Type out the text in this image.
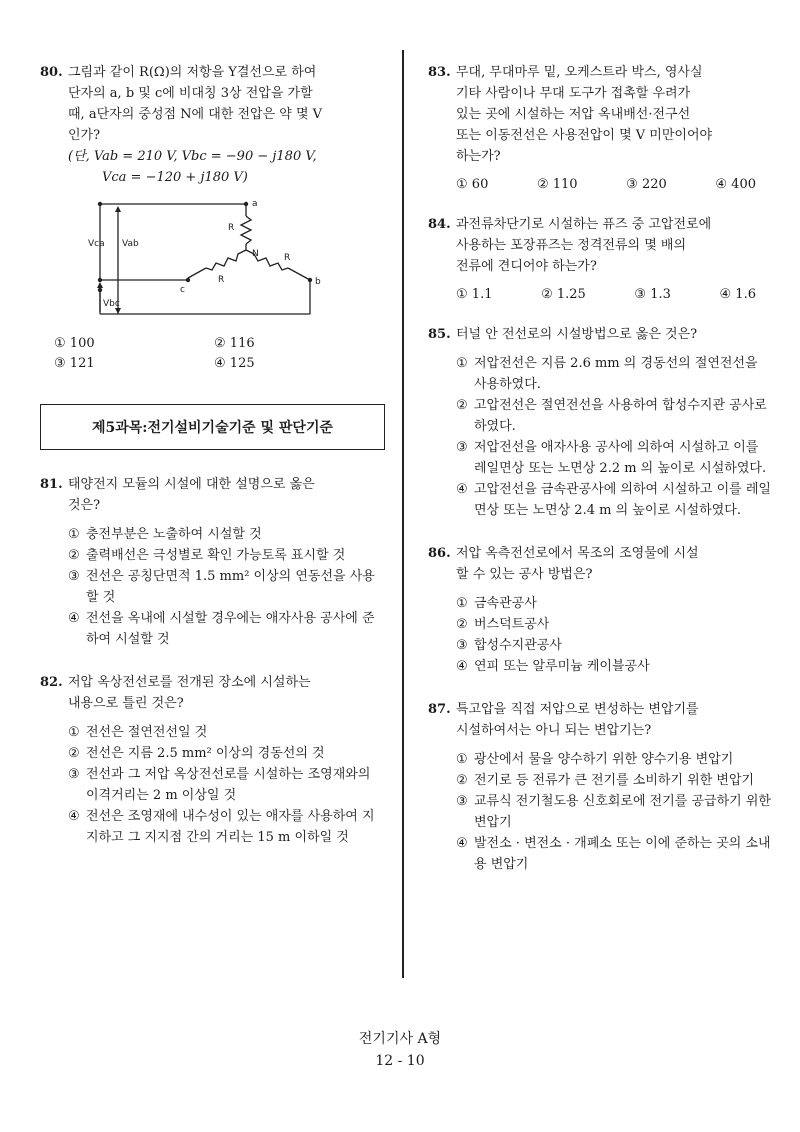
80. 그림과 같이 R(Ω)의 저항을 Y결선으로 하여
단자의 a, b 및 c에 비대칭 3상 전압을 가할
때, a단자의 중성점 N에 대한 전압은 약 몇 V
인가?
(단, Vab = 210 V, Vbc = −90 − j180 V,
Vca = −120 + j180 V)
a
b
c
N
R
R
R
Vca Vab
Vbc
① 100	② 116
③ 121	④ 125
제5과목:전기설비기술기준 및 판단기준
81. 태양전지 모듈의 시설에 대한 설명으로 옳은
것은?
① 충전부분은 노출하여 시설할 것
② 출력배선은 극성별로 확인 가능토록 표시할 것
③ 전선은 공칭단면적 1.5 mm² 이상의 연동선을 사용할 것
④ 전선을 옥내에 시설할 경우에는 애자사용 공사에 준하여 시설할 것
82. 저압 옥상전선로를 전개된 장소에 시설하는
내용으로 틀린 것은?
① 전선은 절연전선일 것
② 전선은 지름 2.5 mm² 이상의 경동선의 것
③ 전선과 그 저압 옥상전선로를 시설하는 조영재와의 이격거리는 2 m 이상일 것
④ 전선은 조영재에 내수성이 있는 애자를 사용하여 지지하고 그 지지점 간의 거리는 15 m 이하일 것
83. 무대, 무대마루 밑, 오케스트라 박스, 영사실
기타 사람이나 무대 도구가 접촉할 우려가
있는 곳에 시설하는 저압 옥내배선·전구선
또는 이동전선은 사용전압이 몇 V 미만이어야
하는가?
① 60	② 110	③ 220	④ 400
84. 과전류차단기로 시설하는 퓨즈 중 고압전로에
사용하는 포장퓨즈는 정격전류의 몇 배의
전류에 견디어야 하는가?
① 1.1	② 1.25	③ 1.3	④ 1.6
85. 터널 안 전선로의 시설방법으로 옳은 것은?
① 저압전선은 지름 2.6 mm 의 경동선의 절연전선을 사용하였다.
② 고압전선은 절연전선을 사용하여 합성수지관 공사로 하였다.
③ 저압전선을 애자사용 공사에 의하여 시설하고 이를 레일면상 또는 노면상 2.2 m 의 높이로 시설하였다.
④ 고압전선을 금속관공사에 의하여 시설하고 이를 레일면상 또는 노면상 2.4 m 의 높이로 시설하였다.
86. 저압 옥측전선로에서 목조의 조영물에 시설
할 수 있는 공사 방법은?
① 금속관공사
② 버스덕트공사
③ 합성수지관공사
④ 연피 또는 알루미늄 케이블공사
87. 특고압을 직접 저압으로 변성하는 변압기를
시설하여서는 아니 되는 변압기는?
① 광산에서 물을 양수하기 위한 양수기용 변압기
② 전기로 등 전류가 큰 전기를 소비하기 위한 변압기
③ 교류식 전기철도용 신호회로에 전기를 공급하기 위한 변압기
④ 발전소 · 변전소 · 개폐소 또는 이에 준하는 곳의 소내용 변압기
전기기사 A형
12 - 10
